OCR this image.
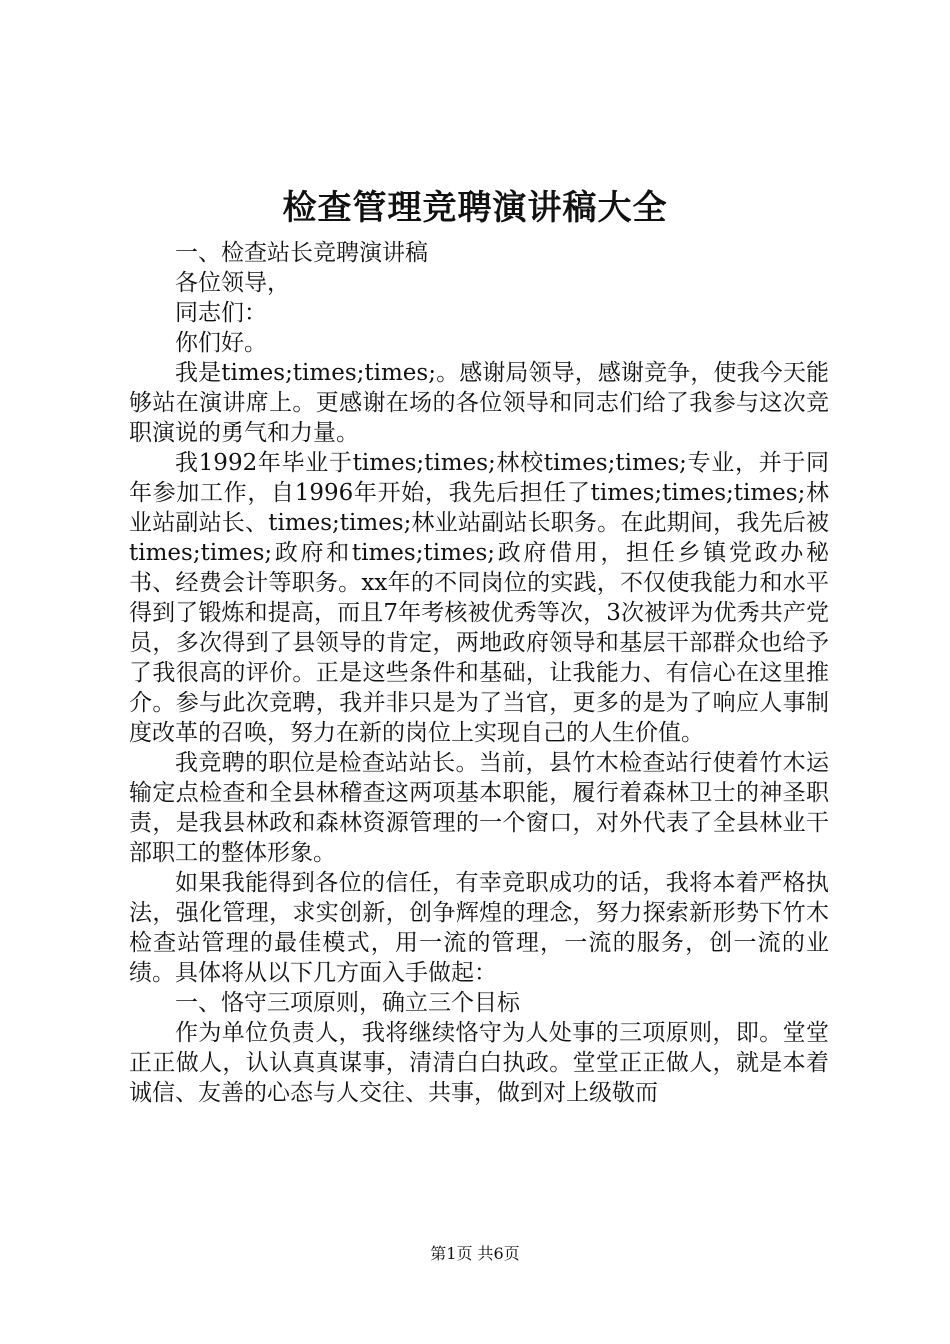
检查管理竞聘演讲稿大全

一、检查站长竞聘演讲稿

各位领导，

同志们：

你们好。

我是times;times;times;。感谢局领导，感谢竞争，使我今天能够站在演讲席上。更感谢在场的各位领导和同志们给了我参与这次竞职演说的勇气和力量。

我1992年毕业于times;times;林校times;times;专业，并于同年参加工作，自1996年开始，我先后担任了times;times;times;林业站副站长、times;times;林业站副站长职务。在此期间，我先后被times;times;政府和times;times;政府借用，担任乡镇党政办秘书、经费会计等职务。xx年的不同岗位的实践，不仅使我能力和水平得到了锻炼和提高，而且7年考核被优秀等次，3次被评为优秀共产党员，多次得到了县领导的肯定，两地政府领导和基层干部群众也给予了我很高的评价。正是这些条件和基础，让我能力、有信心在这里推介。参与此次竞聘，我并非只是为了当官，更多的是为了响应人事制度改革的召唤，努力在新的岗位上实现自己的人生价值。

我竞聘的职位是检查站站长。当前，县竹木检查站行使着竹木运输定点检查和全县林稽查这两项基本职能，履行着森林卫士的神圣职责，是我县林政和森林资源管理的一个窗口，对外代表了全县林业干部职工的整体形象。

如果我能得到各位的信任，有幸竞职成功的话，我将本着严格执法，强化管理，求实创新，创争辉煌的理念，努力探索新形势下竹木检查站管理的最佳模式，用一流的管理，一流的服务，创一流的业绩。具体将从以下几方面入手做起：

一、恪守三项原则，确立三个目标

作为单位负责人，我将继续恪守为人处事的三项原则，即。堂堂正正做人，认认真真谋事，清清白白执政。堂堂正正做人，就是本着诚信、友善的心态与人交往、共事，做到对上级敬而

第1页 共6页
